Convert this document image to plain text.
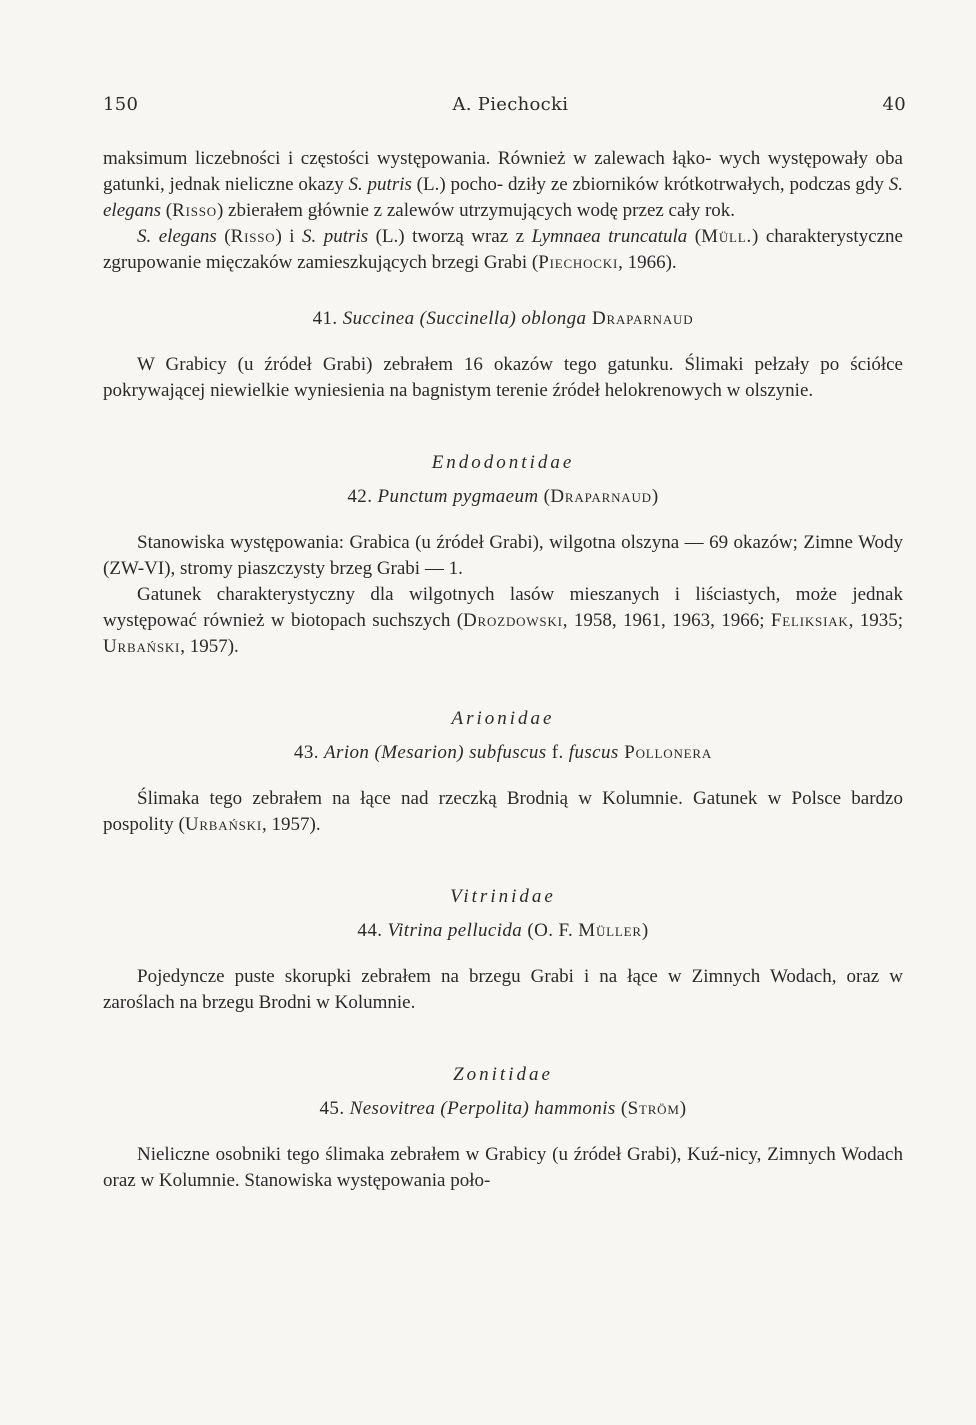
150	A. Piechocki	40

maksimum liczebności i częstości występowania. Również w zalewach łąko- wych występowały oba gatunki, jednak nieliczne okazy S. putris (L.) pocho- dziły ze zbiorników krótkotrwałych, podczas gdy S. elegans (Risso) zbierałem głównie z zalewów utrzymujących wodę przez cały rok.

S. elegans (Risso) i S. putris (L.) tworzą wraz z Lymnaea truncatula (Müll.) charakterystyczne zgrupowanie mięczaków zamieszkujących brzegi Grabi (Piechocki, 1966).

41. Succinea (Succinella) oblonga Draparnaud

W Grabicy (u źródeł Grabi) zebrałem 16 okazów tego gatunku. Ślimaki pełzały po ściółce pokrywającej niewielkie wyniesienia na bagnistym terenie źródeł helokrenowych w olszynie.

Endodontidae

42. Punctum pygmaeum (Draparnaud)

Stanowiska występowania: Grabica (u źródeł Grabi), wilgotna olszyna — 69 okazów; Zimne Wody (ZW-VI), stromy piaszczysty brzeg Grabi — 1.

Gatunek charakterystyczny dla wilgotnych lasów mieszanych i liściastych, może jednak występować również w biotopach suchszych (Drozdowski, 1958, 1961, 1963, 1966; Feliksiak, 1935; Urbański, 1957).

Arionidae

43. Arion (Mesarion) subfuscus f. fuscus Pollonera

Ślimaka tego zebrałem na łące nad rzeczką Brodnią w Kolumnie. Gatunek w Polsce bardzo pospolity (Urbański, 1957).

Vitrinidae

44. Vitrina pellucida (O. F. Müller)

Pojedyncze puste skorupki zebrałem na brzegu Grabi i na łące w Zimnych Wodach, oraz w zaroślach na brzegu Brodni w Kolumnie.

Zonitidae

45. Nesovitrea (Perpolita) hammonis (Ström)

Nieliczne osobniki tego ślimaka zebrałem w Grabicy (u źródeł Grabi), Kuź-nicy, Zimnych Wodach oraz w Kolumnie. Stanowiska występowania poło-
